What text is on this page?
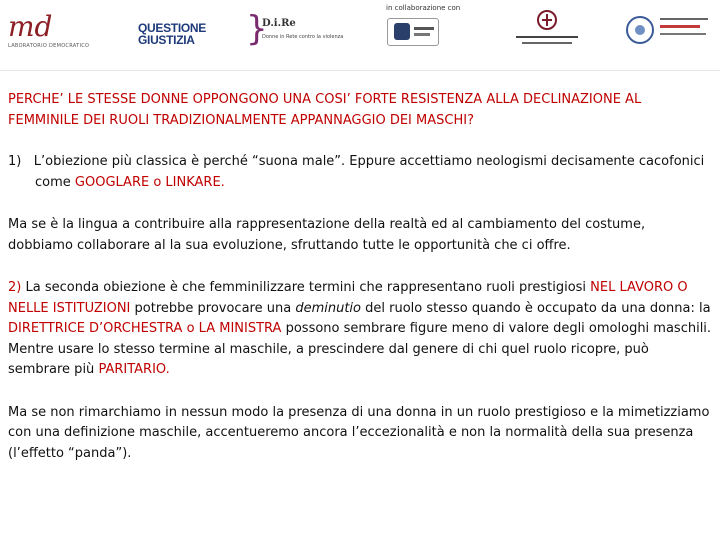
md
LABORATORIO DEMOCRATICO
QUESTIONE
GIUSTIZIA	}
D.i.Re
Donne in Rete contro la violenza
in collaborazione con

PERCHE’ LE STESSE DONNE OPPONGONO UNA COSI’ FORTE RESISTENZA ALLA DECLINAZIONE AL FEMMINILE DEI RUOLI TRADIZIONALMENTE APPANNAGGIO DEI MASCHI?

1) L’obiezione più classica è perché “suona male”. Eppure accettiamo neologismi decisamente cacofonici come GOOGLARE o LINKARE.

Ma se è la lingua a contribuire alla rappresentazione della realtà ed al cambiamento del costume, dobbiamo collaborare al la sua evoluzione, sfruttando tutte le opportunità che ci offre.

2) La seconda obiezione è che femminilizzare termini che rappresentano ruoli prestigiosi NEL LAVORO O NELLE ISTITUZIONI potrebbe provocare una deminutio del ruolo stesso quando è occupato da una donna: la DIRETTRICE D’ORCHESTRA o LA MINISTRA possono sembrare figure meno di valore degli omologhi maschili. Mentre usare lo stesso termine al maschile, a prescindere dal genere di chi quel ruolo ricopre, può sembrare più PARITARIO.

Ma se non rimarchiamo in nessun modo la presenza di una donna in un ruolo prestigioso e la mimetizziamo con una definizione maschile, accentueremo ancora l’eccezionalità e non la normalità della sua presenza (l’effetto “panda”).
